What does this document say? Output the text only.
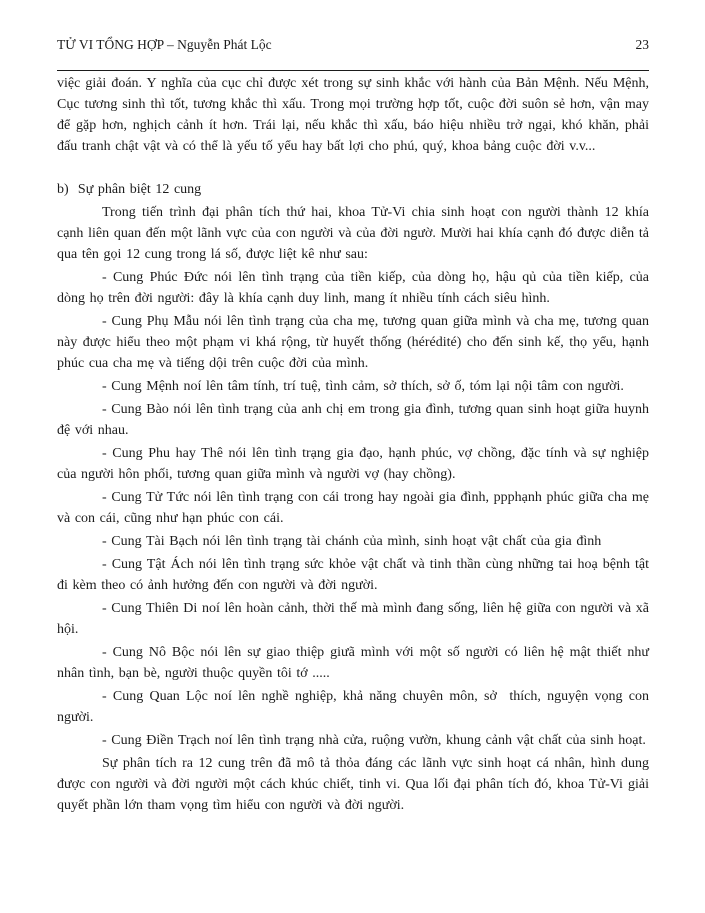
TỬ VI TỔNG HỢP – Nguyễn Phát Lộc	23

việc giải đoán. Y nghĩa của cục chỉ được xét trong sự sinh khắc với hành của Bản Mệnh. Nếu Mệnh, Cục tương sinh thì tốt, tương khắc thì xấu. Trong mọi trường hợp tốt, cuộc đời suôn sẻ hơn, vận may để gặp hơn, nghịch cảnh ít hơn. Trái lại, nếu khắc thì xấu, báo hiệu nhiều trở ngại, khó khăn, phải đấu tranh chật vật và có thể là yếu tố yểu hay bất lợi cho phú, quý, khoa bảng cuộc đời v.v...

b)  Sự phân biệt 12 cung

Trong tiến trình đại phân tích thứ hai, khoa Tử-Vi chia sinh hoạt con người thành 12 khía cạnh liên quan đến một lãnh vực của con người và của đời ngườ. Mười hai khía cạnh đó được diễn tả qua tên gọi 12 cung trong lá số, được liệt kê như sau:

- Cung Phúc Đức nói lên tình trạng của tiền kiếp, của dòng họ, hậu qủ của tiền kiếp, của dòng họ trên đời người: đây là khía cạnh duy linh, mang ít nhiều tính cách siêu hình.

- Cung Phụ Mẫu nói lên tình trạng của cha mẹ, tương quan giữa mình và cha mẹ, tương quan này được hiểu theo một phạm vi khá rộng, từ huyết thống (hérédité) cho đến sinh kế, thọ yểu, hạnh phúc cua cha mẹ và tiếng dội trên cuộc đời của mình.

- Cung Mệnh noí lên tâm tính, trí tuệ, tình cảm, sở thích, sở ố, tóm lại nội tâm con người.

- Cung Bào nói lên tình trạng của anh chị em trong gia đình, tương quan sinh hoạt giữa huynh đệ với nhau.

- Cung Phu hay Thê nói lên tình trạng gia đạo, hạnh phúc, vợ chồng, đặc tính và sự nghiệp của người hôn phối, tương quan giữa mình và người vợ (hay chồng).

- Cung Tử Tức nói lên tình trạng con cái trong hay ngoài gia đình, ppphạnh phúc giữa cha mẹ và con cái, cũng như hạn phúc con cái.

- Cung Tài Bạch nói lên tình trạng tài chánh của mình, sinh hoạt vật chất của gia đình

- Cung Tật Ách nói lên tình trạng sức khỏe vật chất và tinh thần cùng những tai hoạ bệnh tật đi kèm theo có ảnh hưởng đến con người và đời người.

- Cung Thiên Di noí lên hoàn cảnh, thời thế mà mình đang sống, liên hệ giữa con người và xã hội.

- Cung Nô Bộc nói lên sự giao thiệp giưã mình với một số người có liên hệ mật thiết như nhân tình, bạn bè, người thuộc quyền tôi tớ .....

- Cung Quan Lộc noí lên nghề nghiệp, khả năng chuyên môn, sở  thích, nguyện vọng con người.

- Cung Điền Trạch noí lên tình trạng nhà cửa, ruộng vườn, khung cảnh vật chất của sinh hoạt.

Sự phân tích ra 12 cung trên đã mô tả thỏa đáng các lãnh vực sinh hoạt cá nhân, hình dung được con người và đời người một cách khúc chiết, tinh vi. Qua lối đại phân tích đó, khoa Tử-Vi giải quyết phần lớn tham vọng tìm hiểu con người và đời người.
